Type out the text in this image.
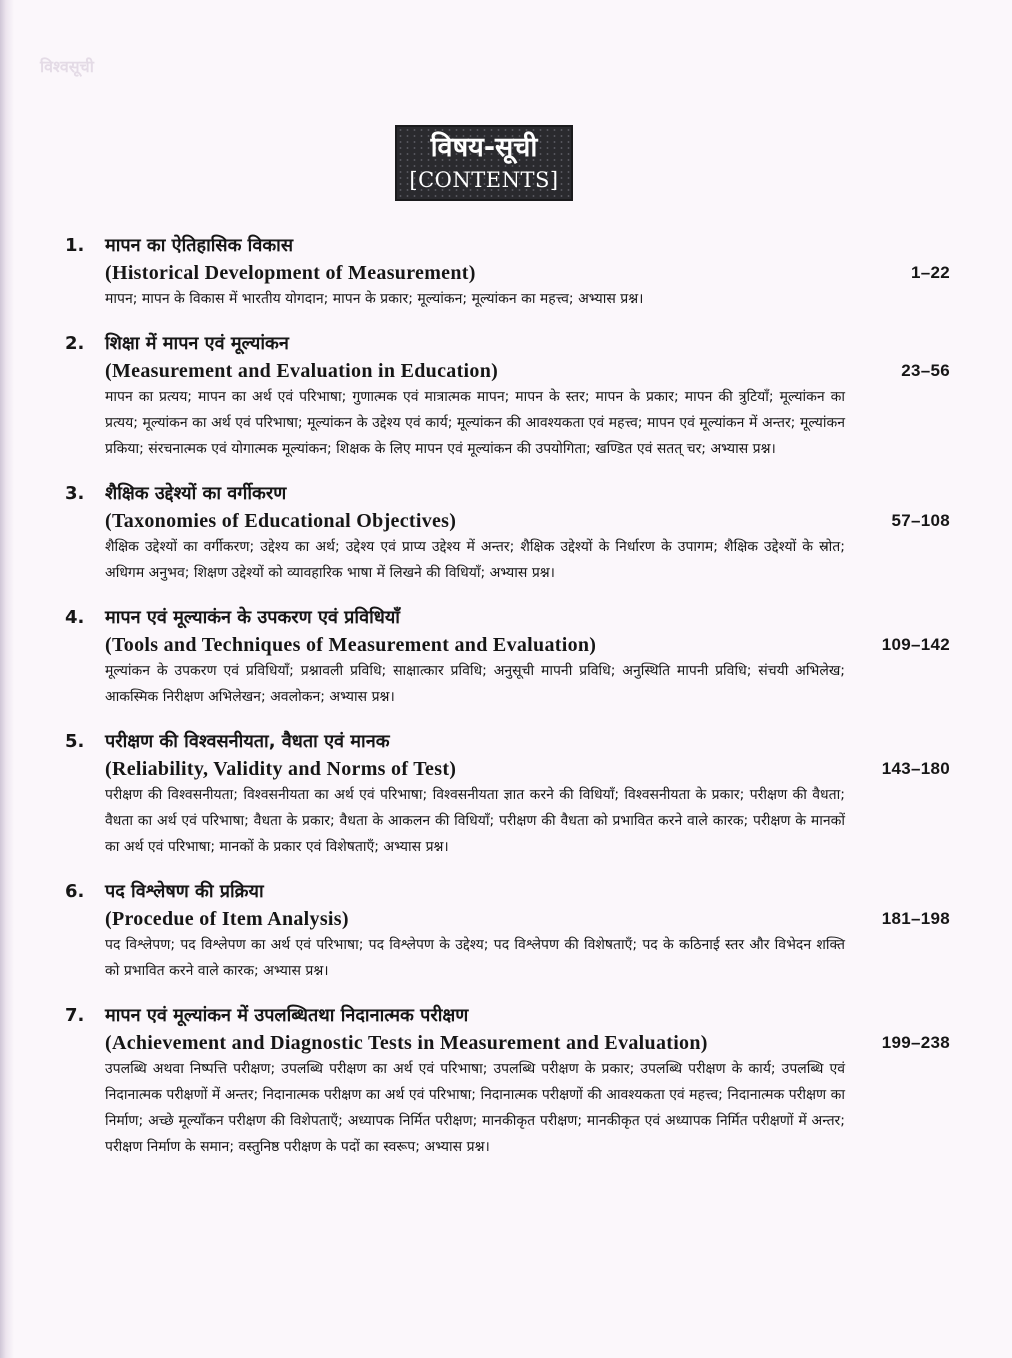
विश्वसूची
विषय-सूची
[CONTENTS]
1.	मापन का ऐतिहासिक विकास
(Historical Development of Measurement)	1–22
मापन; मापन के विकास में भारतीय योगदान; मापन के प्रकार; मूल्यांकन; मूल्यांकन का महत्त्व; अभ्यास प्रश्न।
2.	शिक्षा में मापन एवं मूल्यांकन
(Measurement and Evaluation in Education)	23–56
मापन का प्रत्यय; मापन का अर्थ एवं परिभाषा; गुणात्मक एवं मात्रात्मक मापन; मापन के स्तर; मापन के प्रकार; मापन की त्रुटियाँ; मूल्यांकन का प्रत्यय; मूल्यांकन का अर्थ एवं परिभाषा; मूल्यांकन के उद्देश्य एवं कार्य; मूल्यांकन की आवश्यकता एवं महत्त्व; मापन एवं मूल्यांकन में अन्तर; मूल्यांकन प्रकिया; संरचनात्मक एवं योगात्मक मूल्यांकन; शिक्षक के लिए मापन एवं मूल्यांकन की उपयोगिता; खण्डित एवं सतत् चर; अभ्यास प्रश्न।
3.	शैक्षिक उद्देश्यों का वर्गीकरण
(Taxonomies of Educational Objectives)	57–108
शैक्षिक उद्देश्यों का वर्गीकरण; उद्देश्य का अर्थ; उद्देश्य एवं प्राप्य उद्देश्य में अन्तर; शैक्षिक उद्देश्यों के निर्धारण के उपागम; शैक्षिक उद्देश्यों के स्रोत; अधिगम अनुभव; शिक्षण उद्देश्यों को व्यावहारिक भाषा में लिखने की विधियाँ; अभ्यास प्रश्न।
4.	मापन एवं मूल्याकंन के उपकरण एवं प्रविधियाँ
(Tools and Techniques of Measurement and Evaluation)	109–142
मूल्यांकन के उपकरण एवं प्रविधियाँ; प्रश्नावली प्रविधि; साक्षात्कार प्रविधि; अनुसूची मापनी प्रविधि; अनुस्थिति मापनी प्रविधि; संचयी अभिलेख; आकस्मिक निरीक्षण अभिलेखन; अवलोकन; अभ्यास प्रश्न।
5.	परीक्षण की विश्वसनीयता, वैधता एवं मानक
(Reliability, Validity and Norms of Test)	143–180
परीक्षण की विश्वसनीयता; विश्वसनीयता का अर्थ एवं परिभाषा; विश्वसनीयता ज्ञात करने की विधियाँ; विश्वसनीयता के प्रकार; परीक्षण की वैधता; वैधता का अर्थ एवं परिभाषा; वैधता के प्रकार; वैधता के आकलन की विधियाँ; परीक्षण की वैधता को प्रभावित करने वाले कारक; परीक्षण के मानकों का अर्थ एवं परिभाषा; मानकों के प्रकार एवं विशेषताएँ; अभ्यास प्रश्न।
6.	पद विश्लेषण की प्रक्रिया
(Procedue of Item Analysis)	181–198
पद विश्लेपण; पद विश्लेपण का अर्थ एवं परिभाषा; पद विश्लेपण के उद्देश्य; पद विश्लेपण की विशेषताएँ; पद के कठिनाई स्तर और विभेदन शक्ति को प्रभावित करने वाले कारक; अभ्यास प्रश्न।
7.	मापन एवं मूल्यांकन में उपलब्धितथा निदानात्मक परीक्षण
(Achievement and Diagnostic Tests in Measurement and Evaluation)	199–238
उपलब्धि अथवा निष्पत्ति परीक्षण; उपलब्धि परीक्षण का अर्थ एवं परिभाषा; उपलब्धि परीक्षण के प्रकार; उपलब्धि परीक्षण के कार्य; उपलब्धि एवं निदानात्मक परीक्षणों में अन्तर; निदानात्मक परीक्षण का अर्थ एवं परिभाषा; निदानात्मक परीक्षणों की आवश्यकता एवं महत्त्व; निदानात्मक परीक्षण का निर्माण; अच्छे मूल्याँकन परीक्षण की विशेपताएँ; अध्यापक निर्मित परीक्षण; मानकीकृत परीक्षण; मानकीकृत एवं अध्यापक निर्मित परीक्षणों में अन्तर; परीक्षण निर्माण के समान; वस्तुनिष्ठ परीक्षण के पदों का स्वरूप; अभ्यास प्रश्न।
